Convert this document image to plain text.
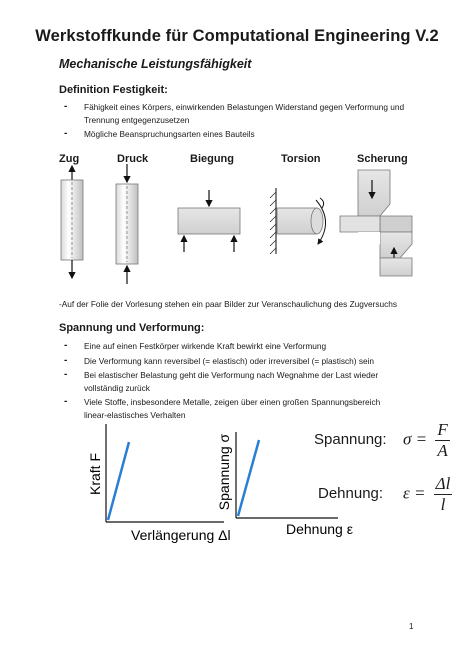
Werkstoffkunde für Computational Engineering V.2
Mechanische Leistungsfähigkeit
Definition Festigkeit:
- Fähigkeit eines Körpers, einwirkenden Belastungen Widerstand gegen Verformung und Trennung entgegenzusetzen
- Mögliche Beanspruchungsarten eines Bauteils
Zug	Druck	Biegung	Torsion	Scherung
-Auf der Folie der Vorlesung stehen ein paar Bilder zur Veranschaulichung des Zugversuchs
Spannung und Verformung:
- Eine auf einen Festkörper wirkende Kraft bewirkt eine Verformung
- Die Verformung kann reversibel (= elastisch) oder irreversibel (= plastisch) sein
- Bei elastischer Belastung geht die Verformung nach Wegnahme der Last wieder vollständig zurück
- Viele Stoffe, insbesondere Metalle, zeigen über einen großen Spannungsbereich linear-elastisches Verhalten
Kraft F
Verlängerung Δl
Spannung σ
Dehnung ε
Spannung: $\sigma = \frac{F}{A}$
Dehnung: $\varepsilon = \frac{\Delta l}{l}$
1
